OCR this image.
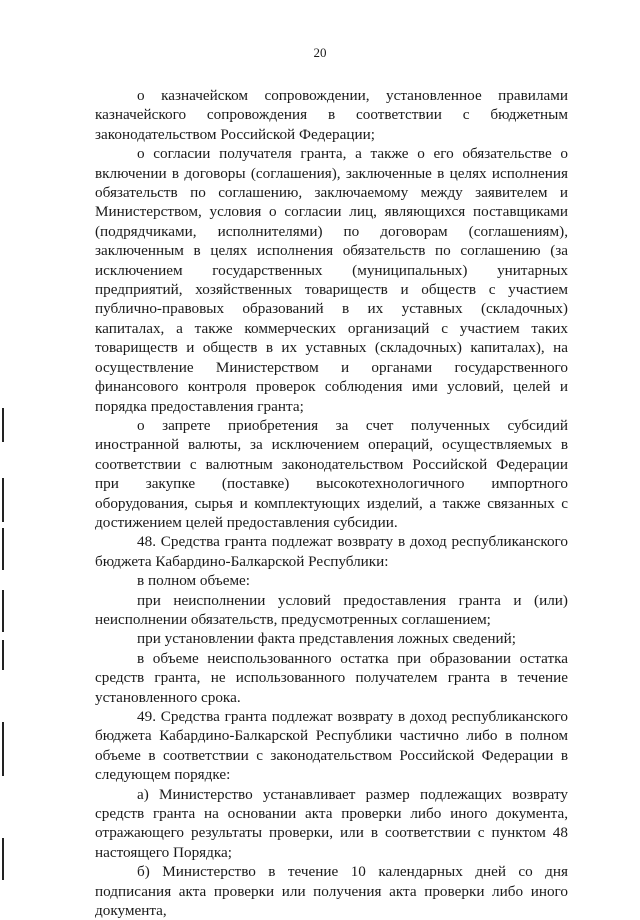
20

о казначейском сопровождении, установленное правилами казначейского сопровождения в соответствии с бюджетным законодательством Российской Федерации;

о согласии получателя гранта, а также о его обязательстве о включении в договоры (соглашения), заключенные в целях исполнения обязательств по соглашению, заключаемому между заявителем и Министерством, условия о согласии лиц, являющихся поставщиками (подрядчиками, исполнителями) по договорам (соглашениям), заключенным в целях исполнения обязательств по соглашению (за исключением государственных (муниципальных) унитарных предприятий, хозяйственных товариществ и обществ с участием публично-правовых образований в их уставных (складочных) капиталах, а также коммерческих организаций с участием таких товариществ и обществ в их уставных (складочных) капиталах), на осуществление Министерством и органами государственного финансового контроля проверок соблюдения ими условий, целей и порядка предоставления гранта;

о запрете приобретения за счет полученных субсидий иностранной валюты, за исключением операций, осуществляемых в соответствии с валютным законодательством Российской Федерации при закупке (поставке) высокотехнологичного импортного оборудования, сырья и комплектующих изделий, а также связанных с достижением целей предоставления субсидии.

48. Средства гранта подлежат возврату в доход республиканского бюджета Кабардино-Балкарской Республики:

в полном объеме:

при неисполнении условий предоставления гранта и (или) неисполнении обязательств, предусмотренных соглашением;

при установлении факта представления ложных сведений;

в объеме неиспользованного остатка при образовании остатка средств гранта, не использованного получателем гранта в течение установленного срока.

49. Средства гранта подлежат возврату в доход республиканского бюджета Кабардино-Балкарской Республики частично либо в полном объеме в соответствии с законодательством Российской Федерации в следующем порядке:

а) Министерство устанавливает размер подлежащих возврату средств гранта на основании акта проверки либо иного документа, отражающего результаты проверки, или в соответствии с пунктом 48 настоящего Порядка;

б) Министерство в течение 10 календарных дней со дня подписания акта проверки или получения акта проверки либо иного документа,
